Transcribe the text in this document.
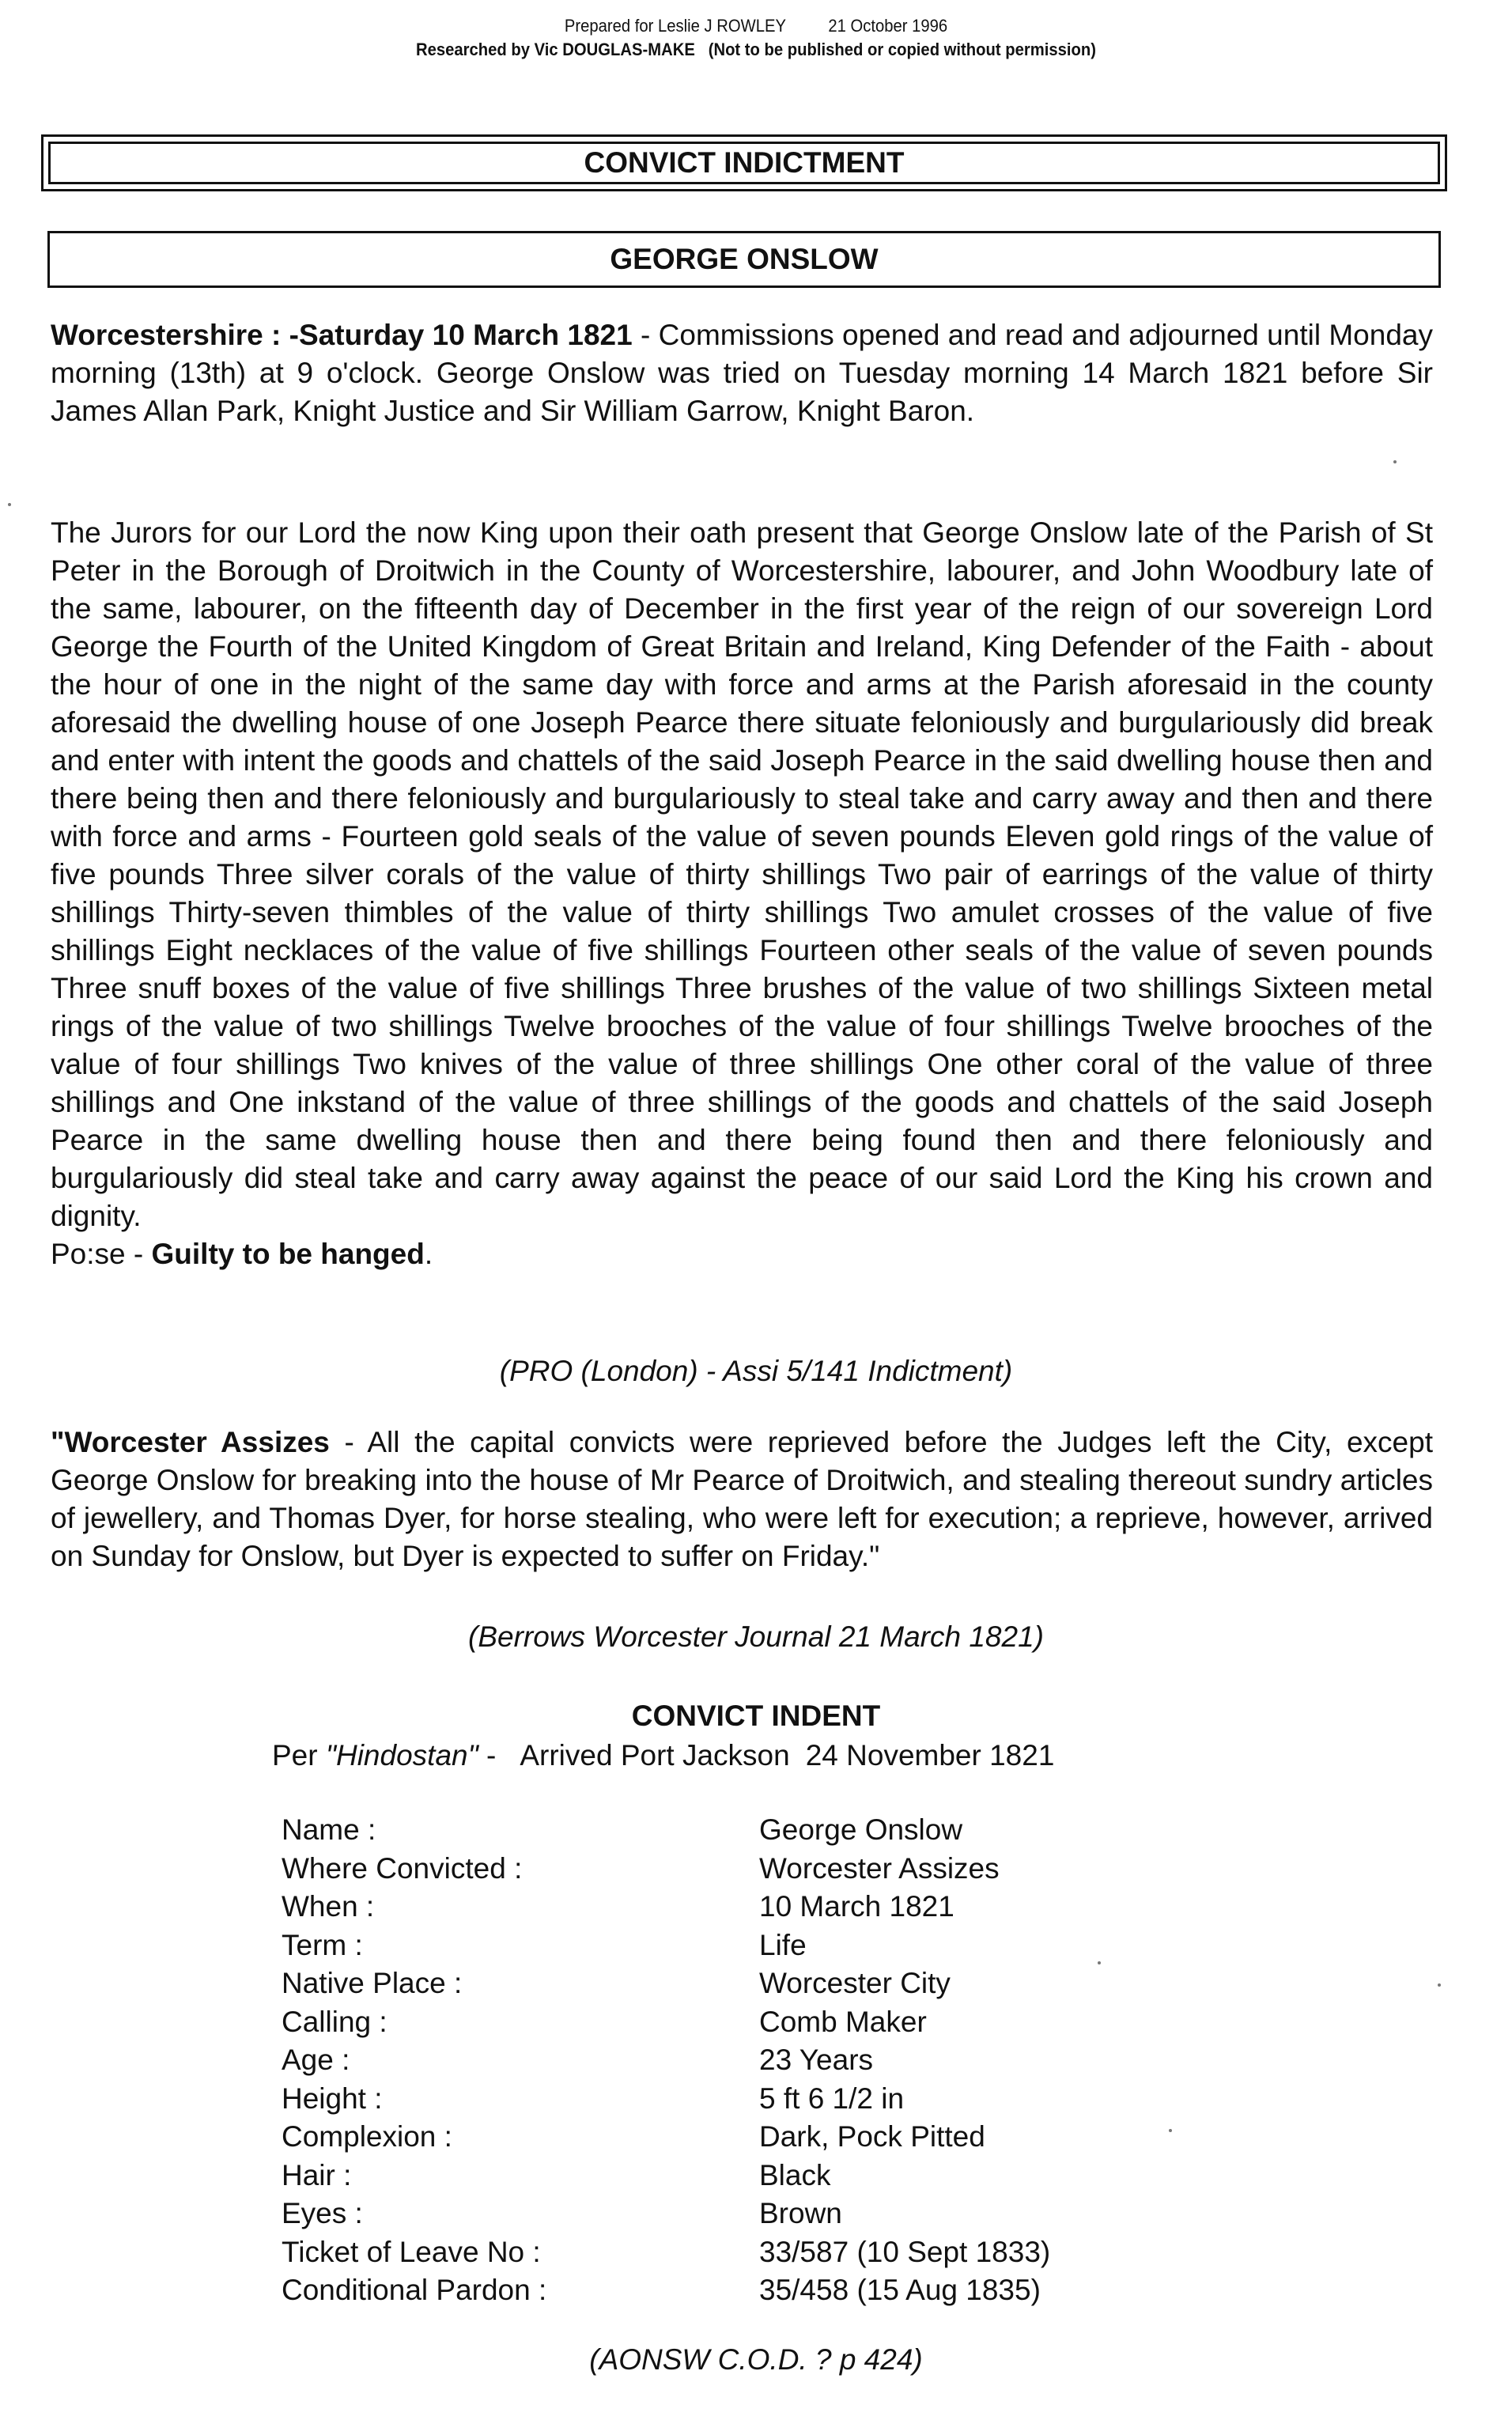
Prepared for Leslie J ROWLEY 21 October 1996
Researched by Vic DOUGLAS-MAKE (Not to be published or copied without permission)
CONVICT INDICTMENT
GEORGE ONSLOW

Worcestershire : -Saturday 10 March 1821 - Commissions opened and read and adjourned until Monday morning (13th) at 9 o'clock. George Onslow was tried on Tuesday morning 14 March 1821 before Sir James Allan Park, Knight Justice and Sir William Garrow, Knight Baron.

The Jurors for our Lord the now King upon their oath present that George Onslow late of the Parish of St Peter in the Borough of Droitwich in the County of Worcestershire, labourer, and John Woodbury late of the same, labourer, on the fifteenth day of December in the first year of the reign of our sovereign Lord George the Fourth of the United Kingdom of Great Britain and Ireland, King Defender of the Faith - about the hour of one in the night of the same day with force and arms at the Parish aforesaid in the county aforesaid the dwelling house of one Joseph Pearce there situate feloniously and burgulariously did break and enter with intent the goods and chattels of the said Joseph Pearce in the said dwelling house then and there being then and there feloniously and burgulariously to steal take and carry away and then and there with force and arms - Fourteen gold seals of the value of seven pounds Eleven gold rings of the value of five pounds Three silver corals of the value of thirty shillings Two pair of earrings of the value of thirty shillings Thirty-seven thimbles of the value of thirty shillings Two amulet crosses of the value of five shillings Eight necklaces of the value of five shillings Fourteen other seals of the value of seven pounds Three snuff boxes of the value of five shillings Three brushes of the value of two shillings Sixteen metal rings of the value of two shillings Twelve brooches of the value of four shillings Twelve brooches of the value of four shillings Two knives of the value of three shillings One other coral of the value of three shillings and One inkstand of the value of three shillings of the goods and chattels of the said Joseph Pearce in the same dwelling house then and there being found then and there feloniously and burgulariously did steal take and carry away against the peace of our said Lord the King his crown and dignity.
Po:se - Guilty to be hanged.

(PRO (London) - Assi 5/141 Indictment)

"Worcester Assizes - All the capital convicts were reprieved before the Judges left the City, except George Onslow for breaking into the house of Mr Pearce of Droitwich, and stealing thereout sundry articles of jewellery, and Thomas Dyer, for horse stealing, who were left for execution; a reprieve, however, arrived on Sunday for Onslow, but Dyer is expected to suffer on Friday."

(Berrows Worcester Journal 21 March 1821)
CONVICT INDENT
Per "Hindostan" - Arrived Port Jackson 24 November 1821
Name :	George Onslow
Where Convicted :	Worcester Assizes
When :	10 March 1821
Term :	Life
Native Place :	Worcester City
Calling :	Comb Maker
Age :	23 Years
Height :	5 ft 6 1/2 in
Complexion :	Dark, Pock Pitted
Hair :	Black
Eyes :	Brown
Ticket of Leave No :	33/587 (10 Sept 1833)
Conditional Pardon :	35/458 (15 Aug 1835)
(AONSW C.O.D. ? p 424)
